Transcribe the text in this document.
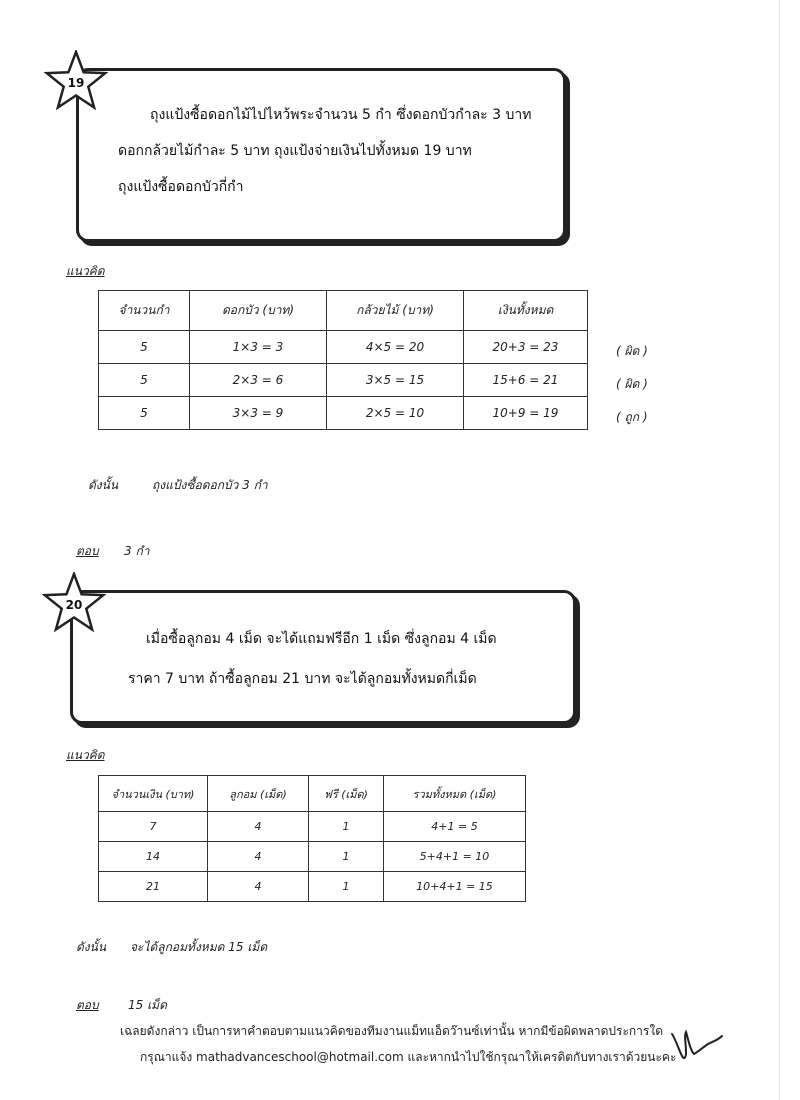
19
ถุงแป้งซื้อดอกไม้ไปไหว้พระจำนวน 5 กำ ซึ่งดอกบัวกำละ 3 บาท
ดอกกล้วยไม้กำละ 5 บาท ถุงแป้งจ่ายเงินไปทั้งหมด 19 บาท
ถุงแป้งซื้อดอกบัวกี่กำ
แนวคิด
จำนวนกำ	ดอกบัว (บาท)	กล้วยไม้ (บาท)	เงินทั้งหมด
5	1×3 = 3	4×5 = 20	20+3 = 23
5	2×3 = 6	3×5 = 15	15+6 = 21
5	3×3 = 9	2×5 = 10	10+9 = 19
( ผิด )
( ผิด )
( ถูก )
ดังนั้น	ถุงแป้งซื้อดอกบัว 3 กำ
ตอบ 3 กำ
20
เมื่อซื้อลูกอม 4 เม็ด จะได้แถมฟรีอีก 1 เม็ด ซึ่งลูกอม 4 เม็ด
ราคา 7 บาท ถ้าซื้อลูกอม 21 บาท จะได้ลูกอมทั้งหมดกี่เม็ด
แนวคิด
จำนวนเงิน (บาท)	ลูกอม (เม็ด)	ฟรี (เม็ด)	รวมทั้งหมด (เม็ด)
7	4	1	4+1 = 5
14	4	1	5+4+1 = 10
21	4	1	10+4+1 = 15
ดังนั้น จะได้ลูกอมทั้งหมด 15 เม็ด
ตอบ 15 เม็ด
เฉลยดังกล่าว เป็นการหาคำตอบตามแนวคิดของทีมงานแม็ทแอ็ดว๊านซ์เท่านั้น หากมีข้อผิดพลาดประการใด
กรุณาแจ้ง mathadvanceschool@hotmail.com และหากนำไปใช้กรุณาให้เครดิตกับทางเราด้วยนะคะ
